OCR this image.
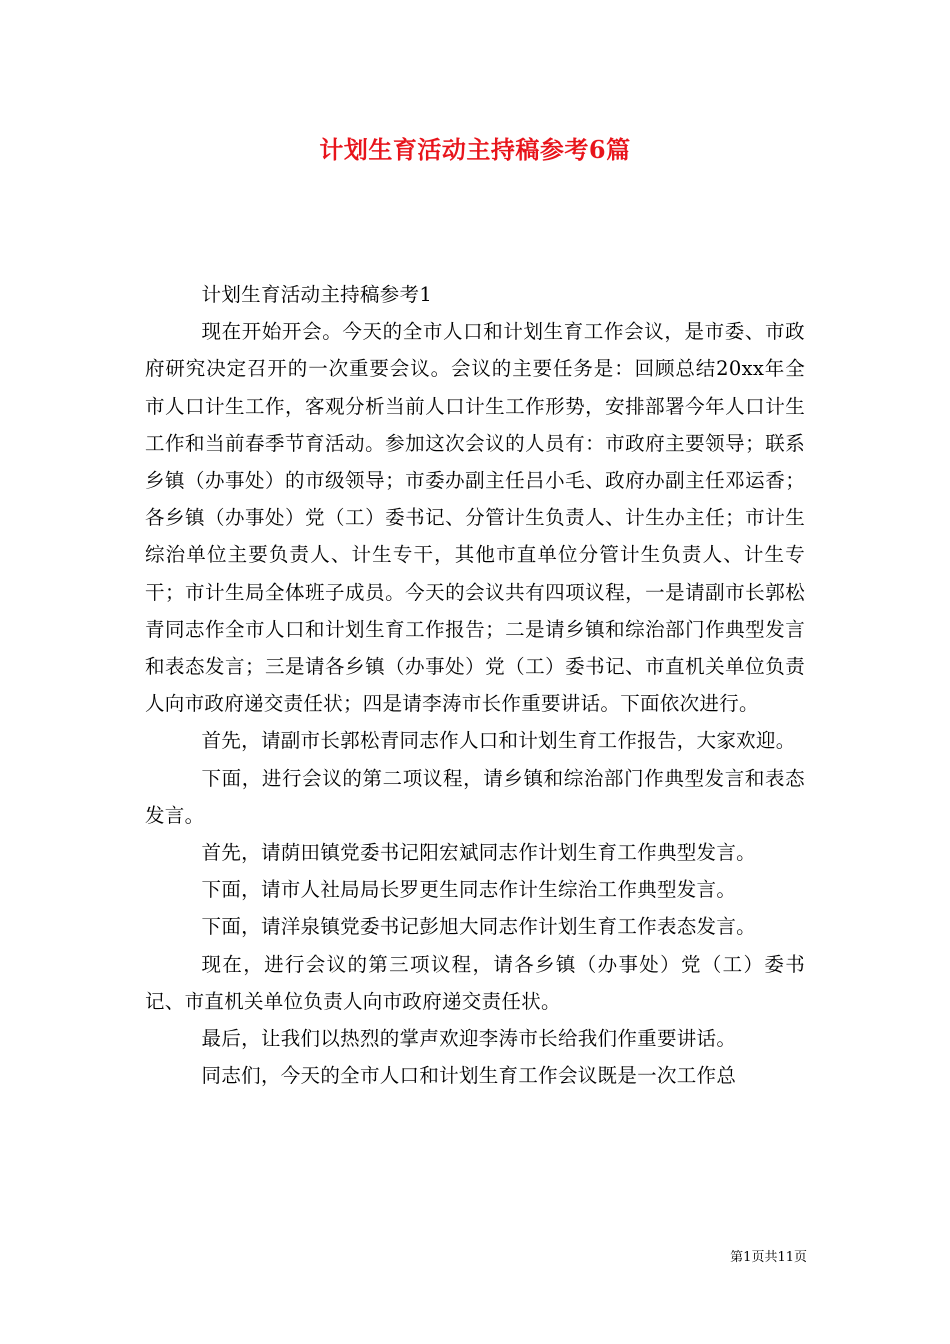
计划生育活动主持稿参考6篇

计划生育活动主持稿参考1

现在开始开会。今天的全市人口和计划生育工作会议，是市委、市政府研究决定召开的一次重要会议。会议的主要任务是：回顾总结20xx年全市人口计生工作，客观分析当前人口计生工作形势，安排部署今年人口计生工作和当前春季节育活动。参加这次会议的人员有：市政府主要领导；联系乡镇（办事处）的市级领导；市委办副主任吕小毛、政府办副主任邓运香；各乡镇（办事处）党（工）委书记、分管计生负责人、计生办主任；市计生综治单位主要负责人、计生专干，其他市直单位分管计生负责人、计生专干；市计生局全体班子成员。今天的会议共有四项议程，一是请副市长郭松青同志作全市人口和计划生育工作报告；二是请乡镇和综治部门作典型发言和表态发言；三是请各乡镇（办事处）党（工）委书记、市直机关单位负责人向市政府递交责任状；四是请李涛市长作重要讲话。下面依次进行。

首先，请副市长郭松青同志作人口和计划生育工作报告，大家欢迎。

下面，进行会议的第二项议程，请乡镇和综治部门作典型发言和表态发言。

首先，请荫田镇党委书记阳宏斌同志作计划生育工作典型发言。

下面，请市人社局局长罗更生同志作计生综治工作典型发言。

下面，请洋泉镇党委书记彭旭大同志作计划生育工作表态发言。

现在，进行会议的第三项议程，请各乡镇（办事处）党（工）委书记、市直机关单位负责人向市政府递交责任状。

最后，让我们以热烈的掌声欢迎李涛市长给我们作重要讲话。

同志们，今天的全市人口和计划生育工作会议既是一次工作总

第1页共11页
